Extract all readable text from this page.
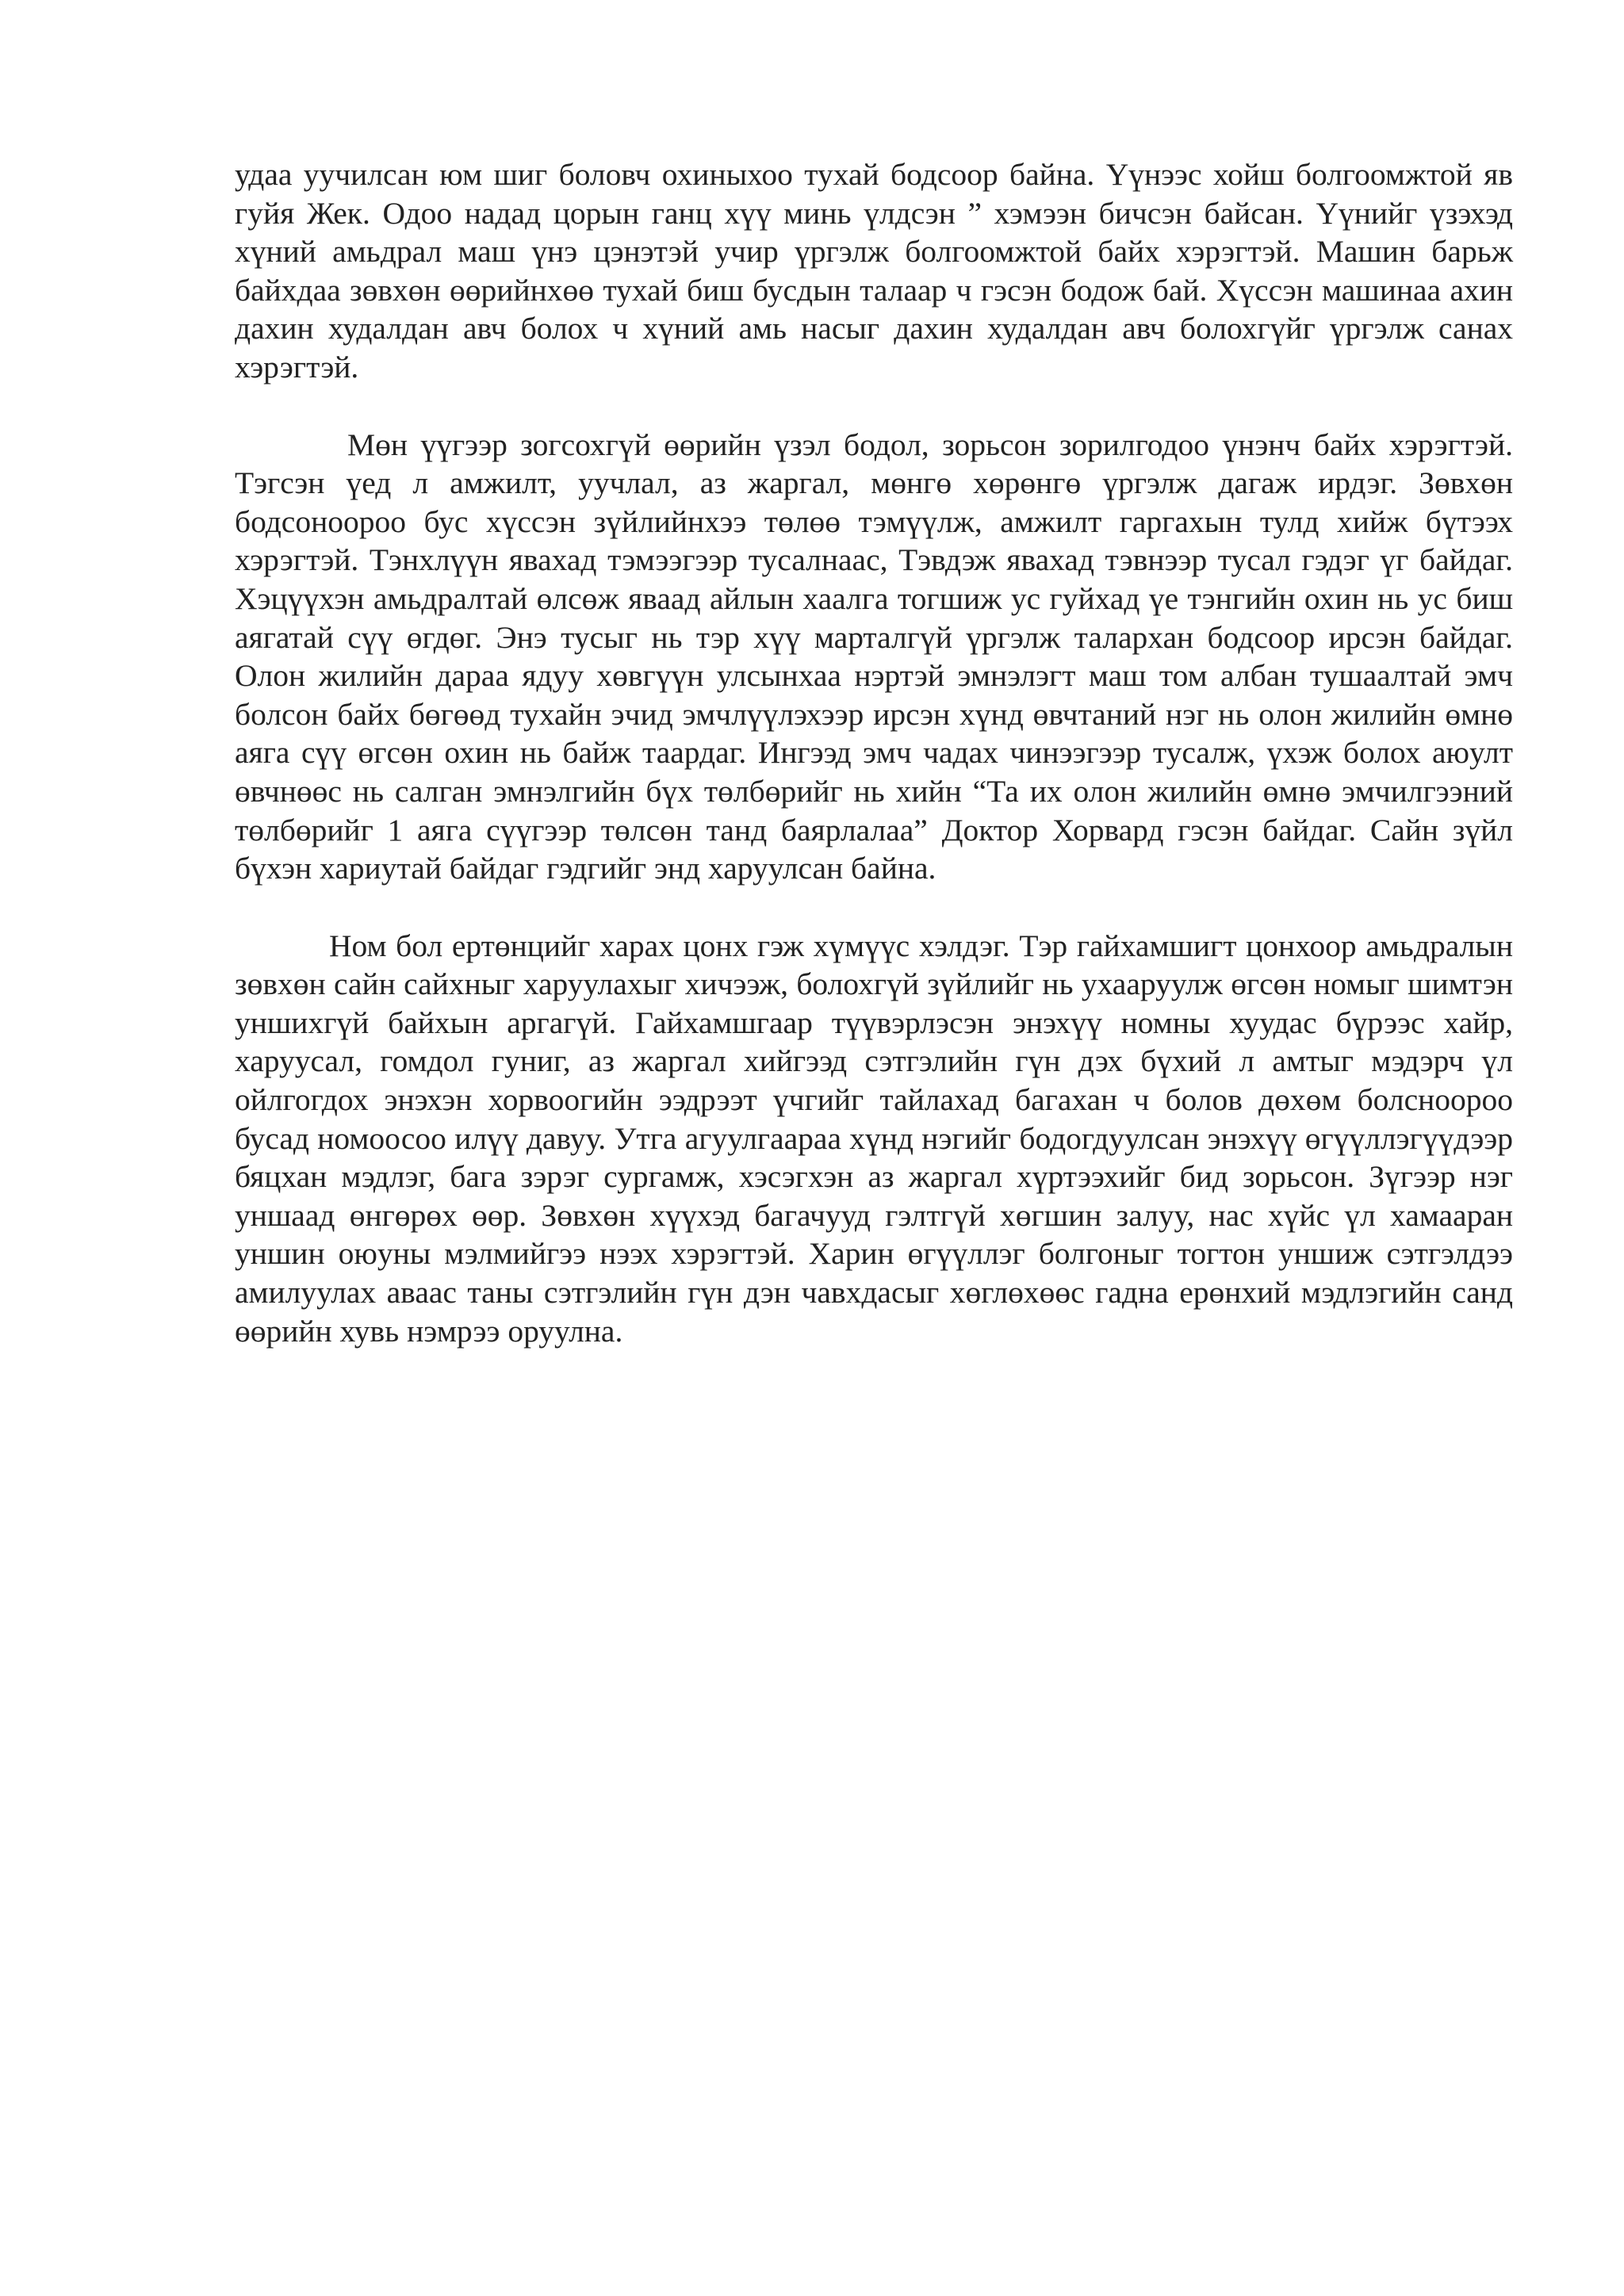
удаа уучилсан юм шиг боловч охиныхоо тухай бодсоор байна. Үүнээс хойш болгоомжтой яв гуйя Жек. Одоо надад цорын ганц хүү минь үлдсэн ” хэмээн бичсэн байсан. Үүнийг үзэхэд хүний амьдрал маш үнэ цэнэтэй учир үргэлж болгоомжтой байх хэрэгтэй. Машин барьж байхдаа зөвхөн өөрийнхөө тухай биш бусдын талаар ч гэсэн бодож бай. Хүссэн машинаа ахин дахин худалдан авч болох ч хүний амь насыг дахин худалдан авч болохгүйг үргэлж санах хэрэгтэй.

Мөн үүгээр зогсохгүй өөрийн үзэл бодол, зорьсон зорилгодоо үнэнч байх хэрэгтэй. Тэгсэн үед л амжилт, уучлал, аз жаргал, мөнгө хөрөнгө үргэлж дагаж ирдэг. Зөвхөн бодсоноороо бус хүссэн зүйлийнхээ төлөө тэмүүлж, амжилт гаргахын тулд хийж бүтээх хэрэгтэй. Тэнхлүүн явахад тэмээгээр тусалнаас, Тэвдэж явахад тэвнээр тусал гэдэг үг байдаг. Хэцүүхэн амьдралтай өлсөж яваад айлын хаалга тогшиж ус гуйхад үе тэнгийн охин нь ус биш аягатай сүү өгдөг. Энэ тусыг нь тэр хүү марталгүй үргэлж талархан бодсоор ирсэн байдаг. Олон жилийн дараа ядуу хөвгүүн улсынхаа нэртэй эмнэлэгт маш том албан тушаалтай эмч болсон байх бөгөөд тухайн эчид эмчлүүлэхээр ирсэн хүнд өвчтаний нэг нь олон жилийн өмнө аяга сүү өгсөн охин нь байж таардаг. Ингээд эмч чадах чинээгээр тусалж, үхэж болох аюулт өвчнөөс нь салган эмнэлгийн бүх төлбөрийг нь хийн “Та их олон жилийн өмнө эмчилгээний төлбөрийг 1 аяга сүүгээр төлсөн танд баярлалаа” Доктор Хорвард гэсэн байдаг. Сайн зүйл бүхэн хариутай байдаг гэдгийг энд харуулсан байна.

Ном бол ертөнцийг харах цонх гэж хүмүүс хэлдэг. Тэр гайхамшигт цонхоор амьдралын зөвхөн сайн сайхныг харуулахыг хичээж, болохгүй зүйлийг нь ухааруулж өгсөн номыг шимтэн уншихгүй байхын аргагүй. Гайхамшгаар түүвэрлэсэн энэхүү номны хуудас бүрээс хайр, харуусал, гомдол гуниг, аз жаргал хийгээд сэтгэлийн гүн дэх бүхий л амтыг мэдэрч үл ойлгогдох энэхэн хорвоогийн ээдрээт үчгийг тайлахад багахан ч болов дөхөм болсноороо бусад номоосоо илүү давуу. Утга агуулгаараа хүнд нэгийг бодогдуулсан энэхүү өгүүллэгүүдээр бяцхан мэдлэг, бага зэрэг сургамж, хэсэгхэн аз жаргал хүртээхийг бид зорьсон. Зүгээр нэг уншаад өнгөрөх өөр. Зөвхөн хүүхэд багачууд гэлтгүй хөгшин залуу, нас хүйс үл хамааран уншин оюуны мэлмийгээ нээх хэрэгтэй. Харин өгүүллэг болгоныг тогтон уншиж сэтгэлдээ амилуулах аваас таны сэтгэлийн гүн дэн чавхдасыг хөглөхөөс гадна ерөнхий мэдлэгийн санд өөрийн хувь нэмрээ оруулна.
